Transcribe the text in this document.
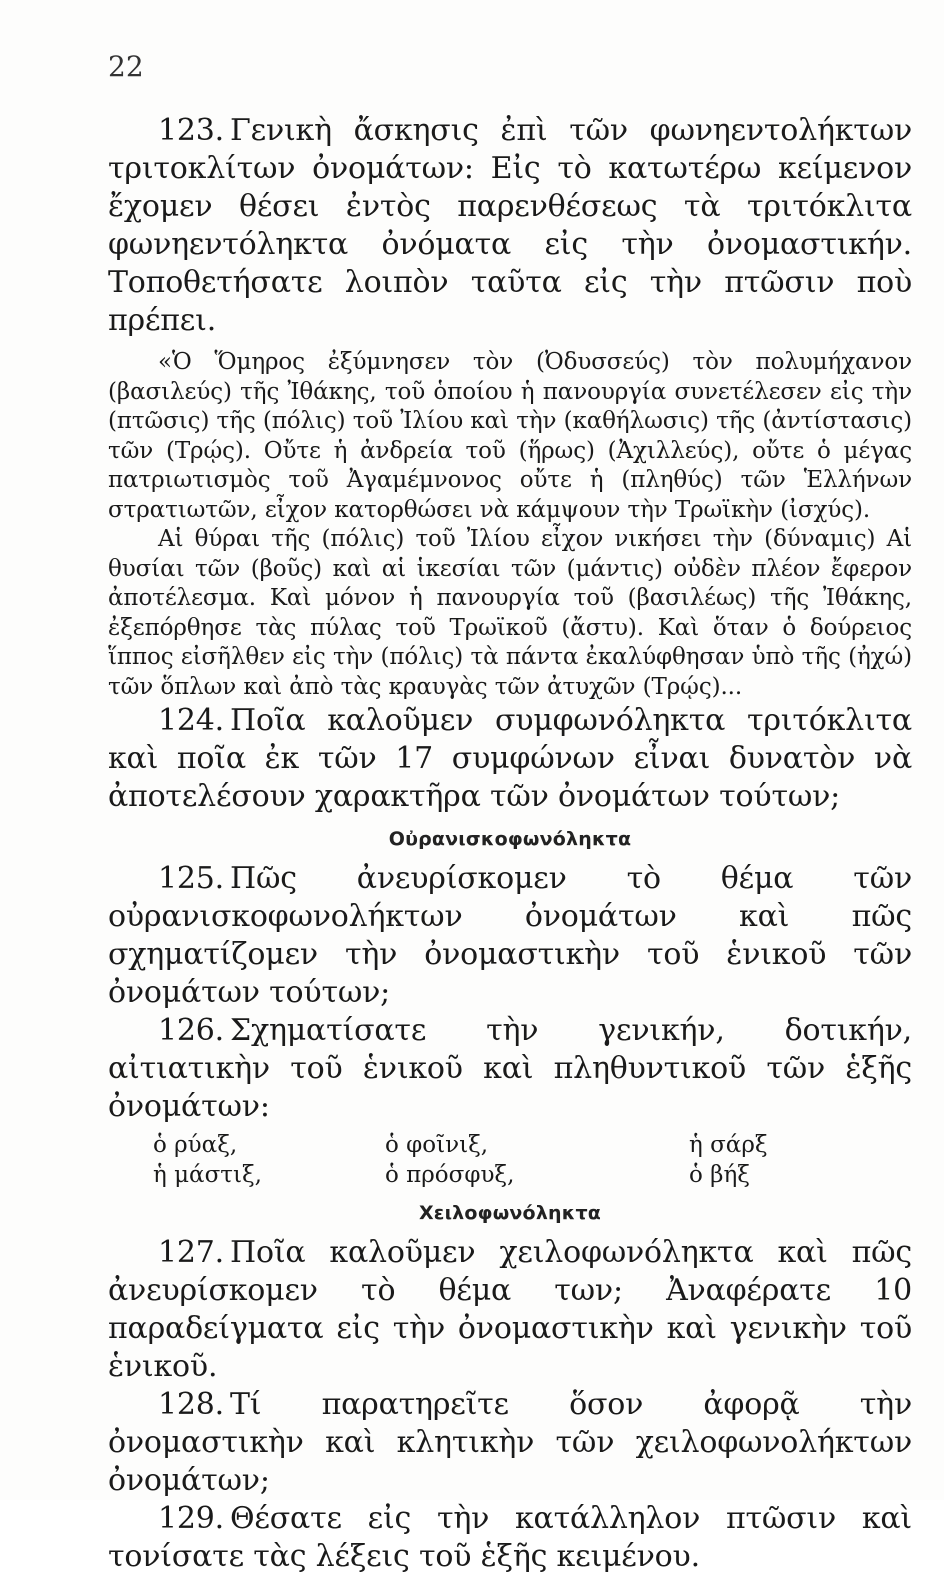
22

123. Γενικὴ ἄσκησις ἐπὶ τῶν φωνηεντολήκτων τριτοκλίτων ὀνομάτων: Εἰς τὸ κατωτέρω κείμενον ἔχομεν θέσει ἐντὸς παρενθέσεως τὰ τριτόκλιτα φωνηεντόληκτα ὀνόματα εἰς τὴν ὀνομαστικήν. Τοποθετήσατε λοιπὸν ταῦτα εἰς τὴν πτῶσιν ποὺ πρέπει.

«Ὁ Ὅμηρος ἐξύμνησεν τὸν (Ὀδυσσεύς) τὸν πολυμήχανον (βασιλεύς) τῆς Ἰθάκης, τοῦ ὁποίου ἡ πανουργία συνετέλεσεν εἰς τὴν (πτῶσις) τῆς (πόλις) τοῦ Ἰλίου καὶ τὴν (καθήλωσις) τῆς (ἀντίστασις) τῶν (Τρῴς). Οὔτε ἡ ἀνδρεία τοῦ (ἥρως) (Ἀχιλλεύς), οὔτε ὁ μέγας πατριωτισμὸς τοῦ Ἀγαμέμνονος οὔτε ἡ (πληθύς) τῶν Ἑλλήνων στρατιωτῶν, εἶχον κατορθώσει νὰ κάμψουν τὴν Τρωϊκὴν (ἰσχύς).

Αἱ θύραι τῆς (πόλις) τοῦ Ἰλίου εἶχον νικήσει τὴν (δύναμις) Αἱ θυσίαι τῶν (βοῦς) καὶ αἱ ἱκεσίαι τῶν (μάντις) οὐδὲν πλέον ἔφερον ἀποτέλεσμα. Καὶ μόνον ἡ πανουργία τοῦ (βασιλέως) τῆς Ἰθάκης, ἐξεπόρθησε τὰς πύλας τοῦ Τρωϊκοῦ (ἄστυ). Καὶ ὅταν ὁ δούρειος ἵππος εἰσῆλθεν εἰς τὴν (πόλις) τὰ πάντα ἐκαλύφθησαν ὑπὸ τῆς (ἠχώ) τῶν ὅπλων καὶ ἀπὸ τὰς κραυγὰς τῶν ἀτυχῶν (Τρῴς)...

124. Ποῖα καλοῦμεν συμφωνόληκτα τριτόκλιτα καὶ ποῖα ἐκ τῶν 17 συμφώνων εἶναι δυνατὸν νὰ ἀποτελέσουν χαρακτῆρα τῶν ὀνομάτων τούτων;

Οὐρανισκοφωνόληκτα

125. Πῶς ἀνευρίσκομεν τὸ θέμα τῶν οὐρανισκοφωνολήκτων ὀνομάτων καὶ πῶς σχηματίζομεν τὴν ὀνομαστικὴν τοῦ ἑνικοῦ τῶν ὀνομάτων τούτων;

126. Σχηματίσατε τὴν γενικήν, δοτικήν, αἰτιατικὴν τοῦ ἑνικοῦ καὶ πληθυντικοῦ τῶν ἑξῆς ὀνομάτων:

ὁ ρύαξ,	ὁ φοῖνιξ,	ἡ σάρξ
ἡ μάστιξ,	ὁ πρόσφυξ,	ὁ βήξ
Χειλοφωνόληκτα

127. Ποῖα καλοῦμεν χειλοφωνόληκτα καὶ πῶς ἀνευρίσκομεν τὸ θέμα των; Ἀναφέρατε 10 παραδείγματα εἰς τὴν ὀνομαστικὴν καὶ γενικὴν τοῦ ἑνικοῦ.

128. Τί παρατηρεῖτε ὅσον ἀφορᾷ τὴν ὀνομαστικὴν καὶ κλητικὴν τῶν χειλοφωνολήκτων ὀνομάτων;

129. Θέσατε εἰς τὴν κατάλληλον πτῶσιν καὶ τονίσατε τὰς λέξεις τοῦ ἑξῆς κειμένου.
